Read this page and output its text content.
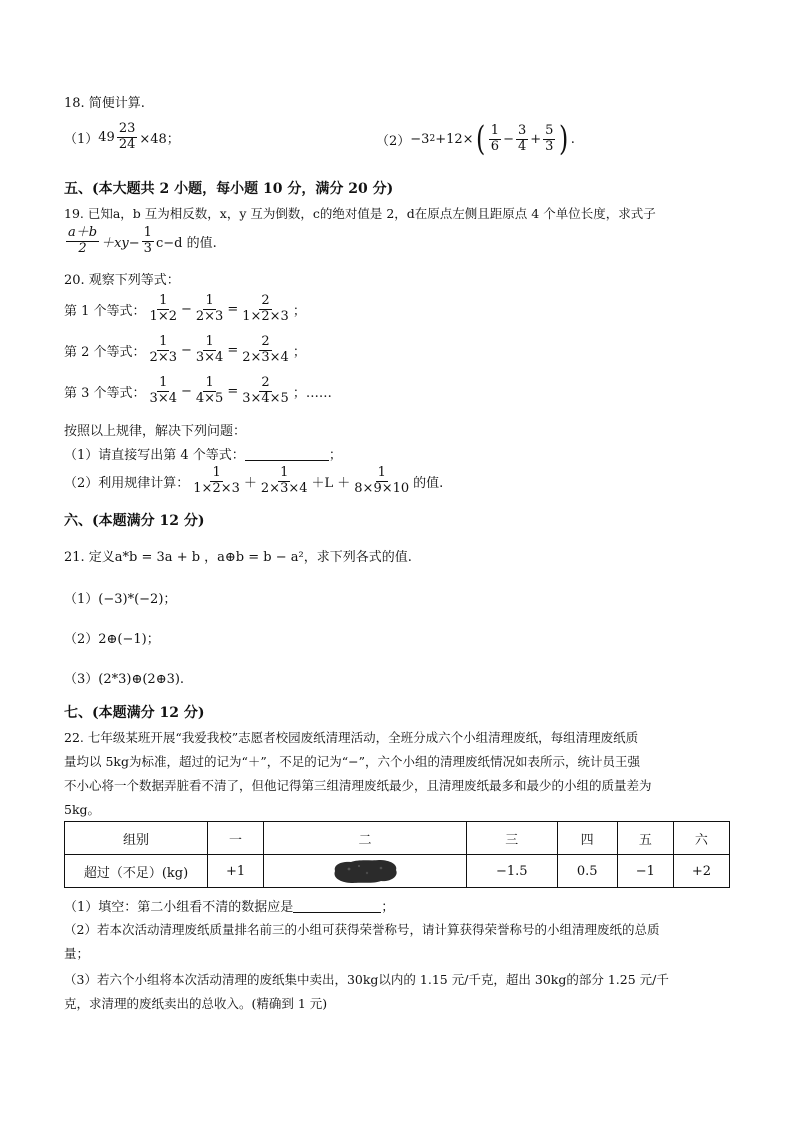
18. 简便计算.
（1） $49 \frac{23}{24} \times 48$；	（2） −3 2 +12× ( $\frac{1}{6} - \frac{3}{4} + \frac{5}{3}$ ) .
五、(本大题共 2 小题，每小题 10 分，满分 20 分)
19. 已知a，b 互为相反数，x，y 互为倒数，c的绝对值是 2，d在原点左侧且距原点 4 个单位长度，求式子
$\frac{a+b}{2} +xy- \frac{1}{3} c-d$ 的值.
20. 观察下列等式：
第 1 个等式： $\frac{1}{1\times 2} - \frac{1}{2\times 3} = \frac{2}{1\times 2\times 3}$ ；
第 2 个等式： $\frac{1}{2\times 3} - \frac{1}{3\times 4} = \frac{2}{2\times 3\times 4}$ ；
第 3 个等式： $\frac{1}{3\times 4} - \frac{1}{4\times 5} = \frac{2}{3\times 4\times 5}$ ；……
按照以上规律，解决下列问题：
（1）请直接写出第 4 个等式：	；
（2）利用规律计算： $\frac{1}{1\times 2\times 3} + \frac{1}{2\times 3\times 4} +L + \frac{1}{8\times 9\times 10}$ 的值.
六、(本题满分 12 分)
21. 定义a*b = 3a + b ，a⊕b = b − a²，求下列各式的值.
（1）(−3)*(−2)；
（2）2⊕(−1)；
（3）(2*3)⊕(2⊕3).
七、(本题满分 12 分)
22. 七年级某班开展“我爱我校”志愿者校园废纸清理活动，全班分成六个小组清理废纸，每组清理废纸质
量均以 5kg为标准，超过的记为“＋”，不足的记为“−”，六个小组的清理废纸情况如表所示，统计员王强
不小心将一个数据弄脏看不清了，但他记得第三组清理废纸最少，且清理废纸最多和最少的小组的质量差为
5kg。
组别	一	二	三	四	五	六
超过（不足）(kg)	+1		−1.5	0.5	−1	+2
（1）填空：第二小组看不清的数据应是	；
（2）若本次活动清理废纸质量排名前三的小组可获得荣誉称号，请计算获得荣誉称号的小组清理废纸的总质
量；
（3）若六个小组将本次活动清理的废纸集中卖出，30kg以内的 1.15 元/千克，超出 30kg的部分 1.25 元/千
克，求清理的废纸卖出的总收入。(精确到 1 元)
